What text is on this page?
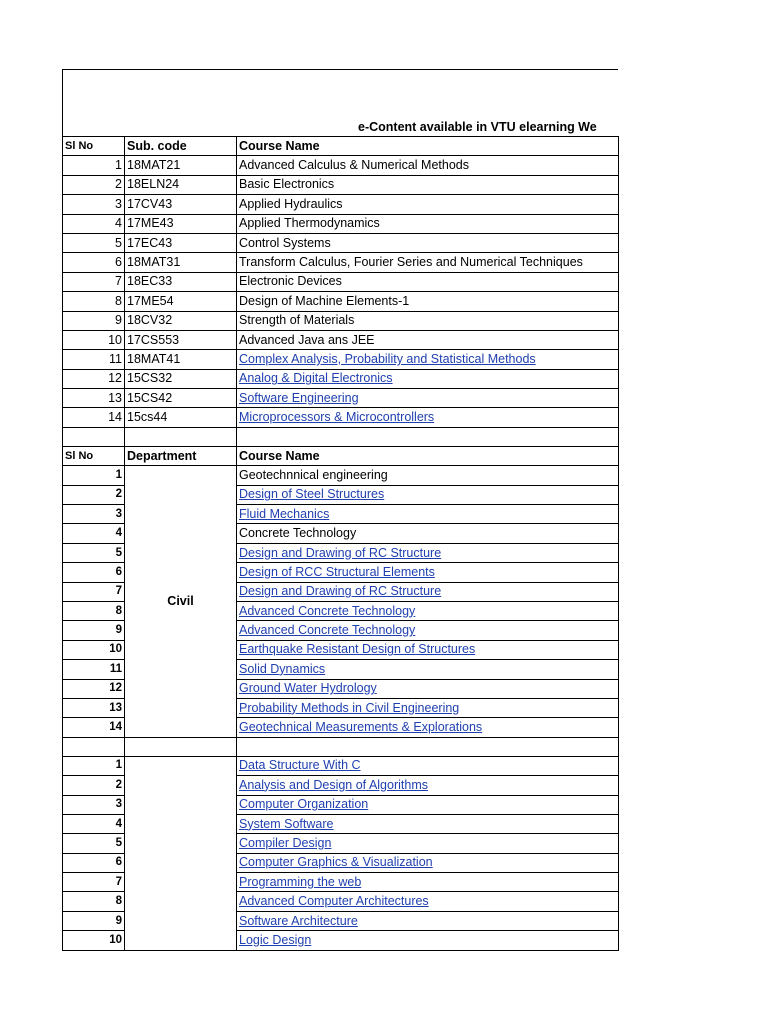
e-Content available in VTU elearning We
Sl No	Sub. code	Course Name
1	18MAT21	Advanced Calculus & Numerical Methods
2	18ELN24	Basic Electronics
3	17CV43	Applied Hydraulics
4	17ME43	Applied Thermodynamics
5	17EC43	Control Systems
6	18MAT31	Transform Calculus, Fourier Series and Numerical Techniques
7	18EC33	Electronic Devices
8	17ME54	Design of Machine Elements-1
9	18CV32	Strength of Materials
10	17CS553	Advanced Java ans JEE
11	18MAT41	Complex Analysis, Probability and Statistical Methods
12	15CS32	Analog & Digital Electronics
13	15CS42	Software Engineering
14	15cs44	Microprocessors & Microcontrollers

Sl No	Department	Course Name
1	Civil	Geotechnnical engineering
2		Design of Steel Structures
3		Fluid Mechanics
4		Concrete Technology
5		Design and Drawing of RC Structure
6		Design of RCC Structural Elements
7		Design and Drawing of RC Structure
8		Advanced Concrete Technology
9		Advanced Concrete Technology
10		Earthquake Resistant Design of Structures
11		Solid Dynamics
12		Ground Water Hydrology
13		Probability Methods in Civil Engineering
14		Geotechnical Measurements & Explorations

1		Data Structure With C
2		Analysis and Design of Algorithms
3		Computer Organization
4		System Software
5		Compiler Design
6		Computer Graphics & Visualization
7		Programming the web
8		Advanced Computer Architectures
9		Software Architecture
10		Logic Design
